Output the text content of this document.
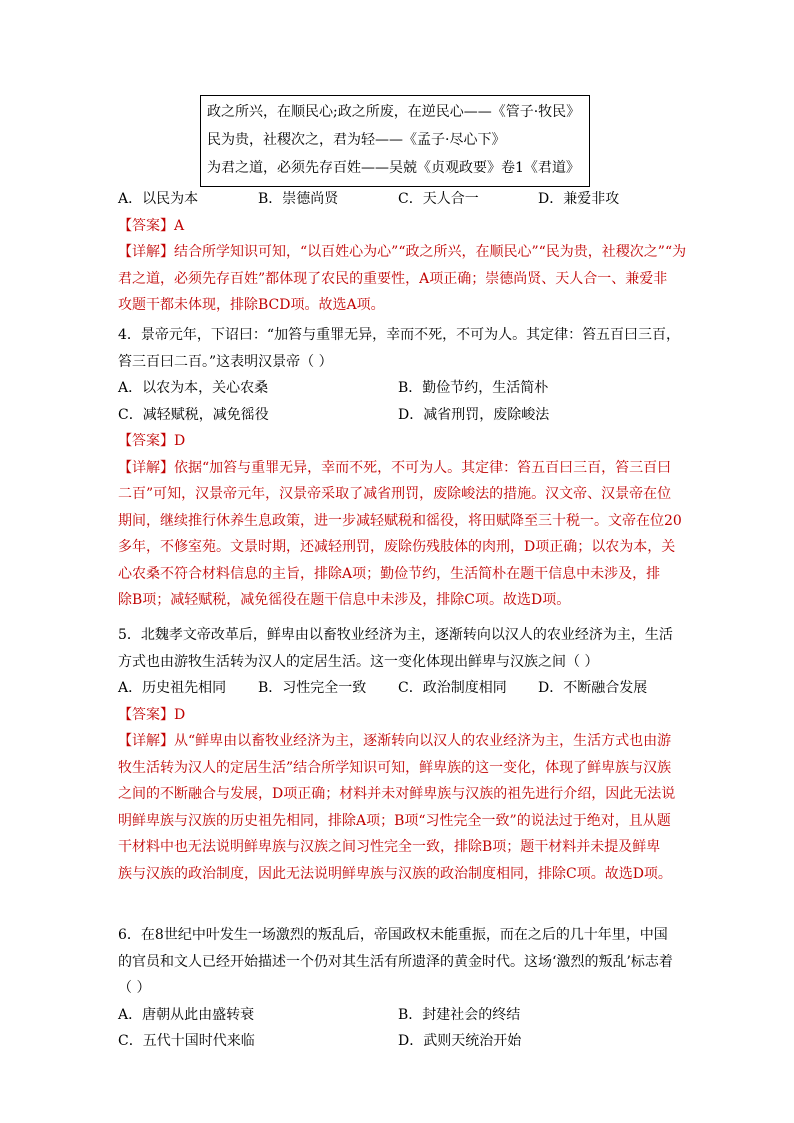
政之所兴，在顺民心;政之所废，在逆民心——《管子·牧民》
民为贵，社稷次之，君为轻——《孟子·尽心下》
为君之道，必须先存百姓——吴兢《贞观政要》卷1《君道》
A．以民为本	B．崇德尚贤	C．天人合一	D．兼爱非攻
【答案】A
【详解】结合所学知识可知，“以百姓心为心”“政之所兴，在顺民心”“民为贵，社稷次之”“为
君之道，必须先存百姓”都体现了农民的重要性，A项正确；崇德尚贤、天人合一、兼爱非
攻题干都未体现，排除BCD项。故选A项。
4．景帝元年，下诏曰：“加笞与重罪无异，幸而不死，不可为人。其定律：笞五百曰三百，
笞三百曰二百。”这表明汉景帝（ ）
A．以农为本，关心农桑	B．勤俭节约，生活简朴
C．减轻赋税，减免徭役	D．减省刑罚，废除峻法
【答案】D
【详解】依据“加笞与重罪无异，幸而不死，不可为人。其定律：笞五百曰三百，笞三百曰
二百”可知，汉景帝元年，汉景帝采取了减省刑罚，废除峻法的措施。汉文帝、汉景帝在位
期间，继续推行休养生息政策，进一步减轻赋税和徭役，将田赋降至三十税一。文帝在位20
多年，不修室苑。文景时期，还减轻刑罚，废除伤残肢体的肉刑，D项正确；以农为本，关
心农桑不符合材料信息的主旨，排除A项；勤俭节约，生活简朴在题干信息中未涉及，排
除B项；减轻赋税，减免徭役在题干信息中未涉及，排除C项。故选D项。
5．北魏孝文帝改革后，鲜卑由以畜牧业经济为主，逐渐转向以汉人的农业经济为主，生活
方式也由游牧生活转为汉人的定居生活。这一变化体现出鲜卑与汉族之间（ ）
A．历史祖先相同 B．习性完全一致 C．政治制度相同 D．不断融合发展
【答案】D
【详解】从“鲜卑由以畜牧业经济为主，逐渐转向以汉人的农业经济为主，生活方式也由游
牧生活转为汉人的定居生活”结合所学知识可知，鲜卑族的这一变化，体现了鲜卑族与汉族
之间的不断融合与发展，D项正确；材料并未对鲜卑族与汉族的祖先进行介绍，因此无法说
明鲜卑族与汉族的历史祖先相同，排除A项；B项“习性完全一致”的说法过于绝对，且从题
干材料中也无法说明鲜卑族与汉族之间习性完全一致，排除B项；题干材料并未提及鲜卑
族与汉族的政治制度，因此无法说明鲜卑族与汉族的政治制度相同，排除C项。故选D项。
6．在8世纪中叶发生一场激烈的叛乱后，帝国政权未能重振，而在之后的几十年里，中国
的官员和文人已经开始描述一个仍对其生活有所遗泽的黄金时代。这场‘激烈的叛乱’标志着
（ ）
A．唐朝从此由盛转衰	B．封建社会的终结
C．五代十国时代来临	D．武则天统治开始
